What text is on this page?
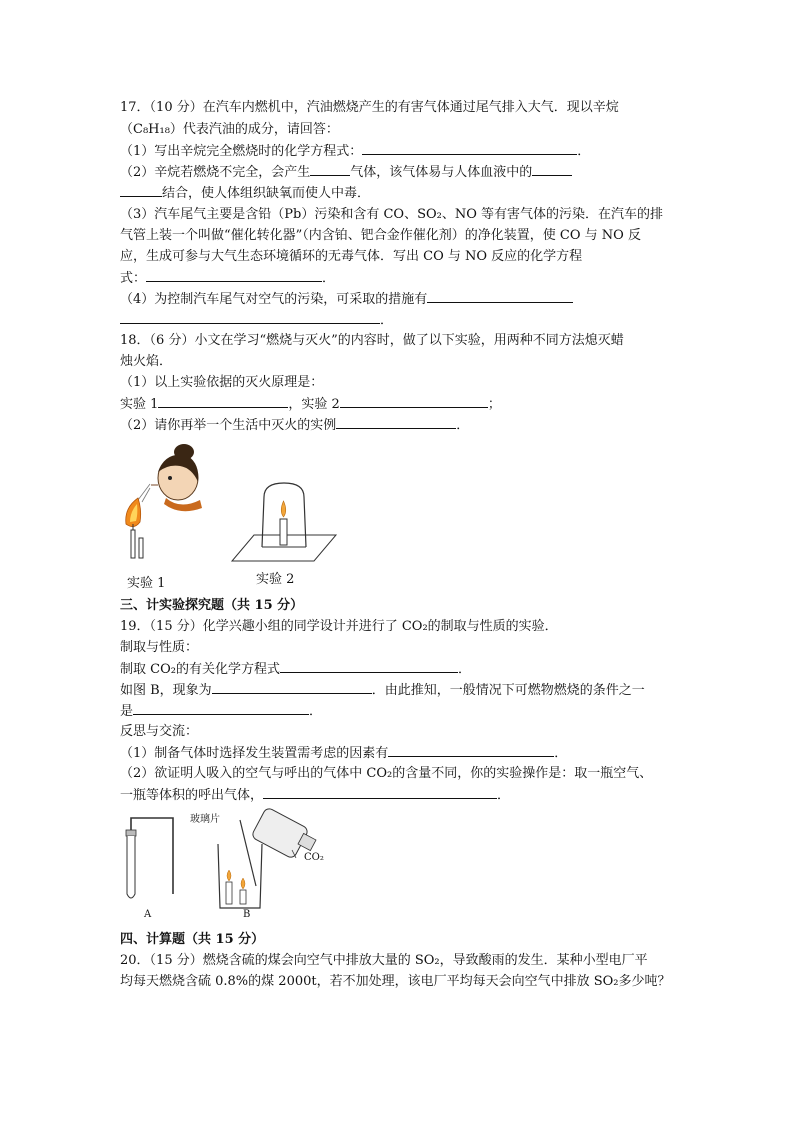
17．（10 分）在汽车内燃机中，汽油燃烧产生的有害气体通过尾气排入大气．现以辛烷
（C₈H₁₈）代表汽油的成分，请回答：
（1）写出辛烷完全燃烧时的化学方程式：	．
（2）辛烷若燃烧不完全，会产生	气体，该气体易与人体血液中的
结合，使人体组织缺氧而使人中毒．
（3）汽车尾气主要是含铅（Pb）污染和含有 CO、SO₂、NO 等有害气体的污染．在汽车的排
气管上装一个叫做“催化转化器”（内含铂、钯合金作催化剂）的净化装置，使 CO 与 NO 反
应，生成可参与大气生态环境循环的无毒气体．写出 CO 与 NO 反应的化学方程
式：	．
（4）为控制汽车尾气对空气的污染，可采取的措施有
．
18．（6 分）小文在学习“燃烧与灭火”的内容时，做了以下实验，用两种不同方法熄灭蜡
烛火焰．
（1）以上实验依据的灭火原理是：
实验 1	，实验 2	；
（2）请你再举一个生活中灭火的实例	．
实验 1	实验 2
三、计实验探究题（共 15 分）
19．（15 分）化学兴趣小组的同学设计并进行了 CO₂的制取与性质的实验．
制取与性质：
制取 CO₂的有关化学方程式	．
如图 B，现象为	．由此推知，一般情况下可燃物燃烧的条件之一
是	．
反思与交流：
（1）制备气体时选择发生装置需考虑的因素有	．
（2）欲证明人吸入的空气与呼出的气体中 CO₂的含量不同，你的实验操作是：取一瓶空气、
一瓶等体积的呼出气体，	．
A
玻璃片
CO₂
B
四、计算题（共 15 分）
20．（15 分）燃烧含硫的煤会向空气中排放大量的 SO₂，导致酸雨的发生．某种小型电厂平
均每天燃烧含硫 0.8%的煤 2000t，若不加处理，该电厂平均每天会向空气中排放 SO₂多少吨？
